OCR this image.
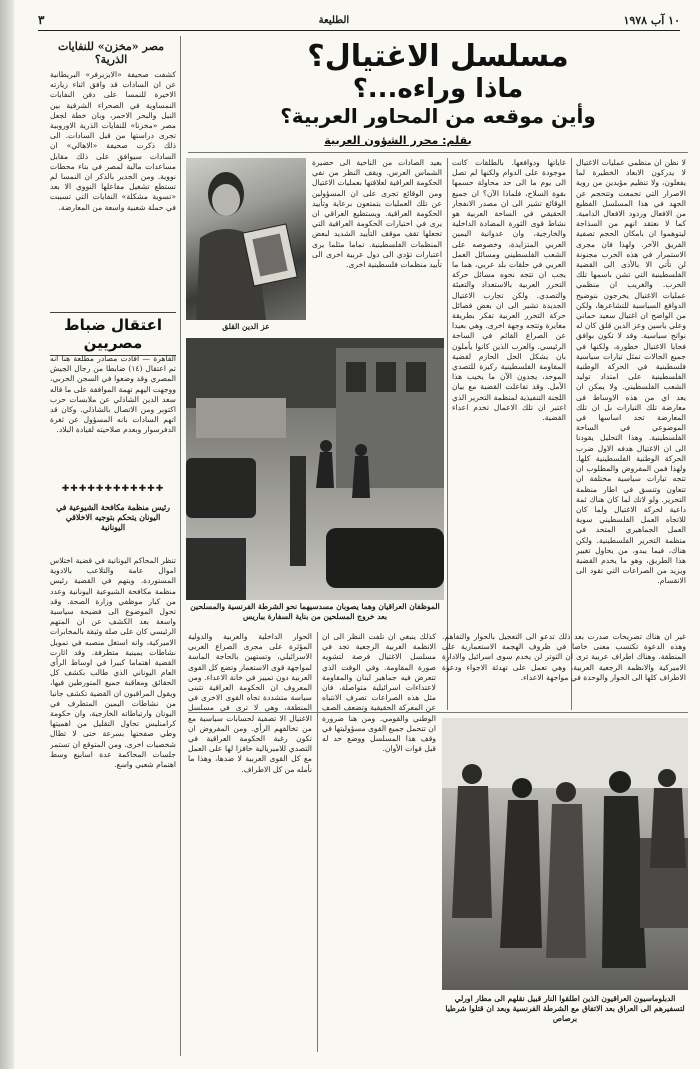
٣	الطليعة	١٠ آب ١٩٧٨
مصر «مخزن» للنفايات الذرية؟
كشفت صحيفة «الابزيرفر» البريطانية عن ان السادات قد وافق اثناء زيارته الاخيرة للنمسا على دفن النفايات النمساوية في الصحراء الشرقية بين النيل والبحر الاحمر، وبان خطة لجعل مصر «مخزنا» للنفايات الذرية الاوروبية تجرى دراستها من قبل السادات. الى ذلك ذكرت صحيفة «الاهالي» ان السادات سيوافق على ذلك مقابل مساعدات مالية لمصر في بناء محطات نووية. ومن الجدير بالذكر ان النمسا لم تستطع تشغيل مفاعلها النووي الا بعد «تسوية مشكلة» النفايات التي تسببت في حملة شعبية واسعة من المعارضة.
اعتقال ضباط مصريين
القاهرة — افادت مصادر مطلعة هنا انه تم اعتقال (١٤) ضابطا من رجال الجيش المصري وقد وضعوا في السجن الحربي، ووجهت اليهم تهمة الموافقة على ما قاله سعد الدين الشاذلي عن ملابسات حرب اكتوبر ومن الاتصال بالشاذلي. وكان قد اتهم السادات بانه المسؤول عن ثغرة الدفرسوار وبعدم صلاحيته لقيادة البلاد.
✚✚✚✚✚✚✚✚✚✚✚✚
رئيس منظمة مكافحة الشيوعية في اليونان يتحكم بتوجيه الاخلاقي اليونانية
تنظر المحاكم اليونانية في قضية اختلاس اموال عامة والتلاعب بالادوية المستوردة. ويتهم في القضية رئيس منظمة مكافحة الشيوعية اليونانية وعدد من كبار موظفي وزارة الصحة. وقد تحول الموضوع الى فضيحة سياسية واسعة بعد الكشف عن ان المتهم الرئيسي كان على صلة وثيقة بالمخابرات الاميركية، وانه استغل منصبه في تمويل نشاطات يمينية متطرفة. وقد اثارت القضية اهتماما كبيرا في اوساط الرأي العام اليوناني الذي طالب بكشف كل الحقائق ومعاقبة جميع المتورطين فيها، ويقول المراقبون ان القضية تكشف جانبا من نشاطات اليمين المتطرف في اليونان وارتباطاته الخارجية، وان حكومة كرامنليس تحاول التقليل من اهميتها وطي صفحتها بسرعة حتى لا تطال شخصيات اخرى. ومن المتوقع ان تستمر جلسات المحاكمة عدة اسابيع وسط اهتمام شعبي واسع.
مسلسل الاغتيال؟
ماذا وراءه...؟
وأين موقعه من المحاور العربية؟
بقلم: محرر الشؤون العربية
لا نظن ان منظمي عمليات الاغتيال لا يدركون الابعاد الخطيرة لما يفعلون، ولا تنظيم مؤيدين من روية الاصرار التي تجمعت وتتحجم عن الجهد في هذا المسلسل الفظيع من الافعال وردود الافعال الدامية. كما لا نعتقد انهم من السذاجة ليتوهموا ان بامكان الحجم تصفية الفريق الآخر. ولهذا فان مجرى الاستمرار في هذه الحرب مجنونة لن تأتي الا بالأذى الى القضية الفلسطينية التي تشن باسمها تلك الحرب. والغريب ان منظمي عمليات الاغتيال يخرجون بتوضيح الدوافع السياسية للتشاعرها، ولكن من الواضح ان اغتيال سعيد حماني وعلي ياسين وعز الدين قلق كان له نواتج سياسية. وقد لا تكون بوافق فحايا الاغتيال خطورة، ولكنها في جميع الحالات تمثل تيارات سياسية فلسطينية في الحركة الوطنية الفلسطينية على امتداد توليد الشعب الفلسطيني. ولا يمكن ان يعد اي من هذه الاوساط فى معارضة تلك التيارات بل ان تلك المعارضة تجد اساسها في الموضوعي في الساحة الفلسطينية. وهذا التحليل يقودنا الى ان الاغتيال هدفه الاول ضرب الحركة الوطنية الفلسطينية كلها. ولهذا فمن المفروض والمطلوب ان تتجه تيارات سياسية مختلفة ان تتعاون وتنسق في اطار منظمة التحرير. ولو لاتك لما كان هناك ثمة داعية لحركة الاغتيال ولما كان للاتجاه العمل الفلسطيني سوية العمل الجماهيري المتحد في منظمة التحرير الفلسطينية. ولكن هناك، فيما يبدو، من يحاول تغيير هذا الطريق، وهو ما يخدم القضية ويزيد من الصراعات التي تقود الى الانقسام.
غاياتها ودوافعها. بالطلقات كانت موجودة على الدوام ولكنها لم تصل الى يوم ما الى حد محاولة حسمها بقوة السلاح، فلماذا الآن؟ ان جميع الوقائع تشير الى ان مصدر الانفجار الحقيقي في الساحة العربية هو نشاط قوى الثورة المضادة الداخلية والخارجية، وان عدوانية اليمين العربي المتزايدة، وخصوصه على الشعب الفلسطيني ومسائل العمل العربي في حلقات بلد عربي، هما ما يجب ان تتجه نحوه مسائل حركة التحرر العربية بالاستعداد والتعبئة والتصدي. ولكن تجارب الاغتيال الجديدة تشير الى ان بعض فصائل حركة التحرر العربية تفكر بطريقة مغايرة وتتجه وجهة اخرى. وهي بعيدا عن الصراع القائم في الساحة الرئيسي. والعرب الذين كانوا يأملون بان يشكل الحل الحازم لقضية المقاومة الفلسطينية ركيزة للتصدي الموحد، يجدون الآن ما يخيب هذا الأمل. وقد تفاعلت القضية مع بيان اللجنة التنفيذية لمنظمة التحرير الذي اعتبر ان تلك الاعمال تخدم اعداء القضية.
بعيد الصادات من الناحية الى حضيرة الشماس العرس. ويقف النظر من نفي الحكومة العراقية لعلاقتها بعمليات الاغتيال ومن الوقائع تجرى على ان المسؤولين عن تلك العمليات يتمتعون برعاية وتأييد الحكومة العراقية. ويستطيع العراقي ان يرى في اختيارات الحكومة العراقية التي تجعلها تقف موقف التأييد الشديد لبعض المنظمات الفلسطينية. تماما مثلما يرى اعتبارات تؤدي الى دول عربية اخرى الى تأييد منظمات فلسطينية اخرى.
عز الدين القلق
الموظفان العراقيان وهما يصوبان مسدسيهما نحو الشرطة الفرنسية والمسلحين بعد خروج المسلحين من بناية السفارة بباريس
غير ان هناك تصريحات صدرت بعد ذلك تدعو الى التعجيل بالحوار والتفاهم. وهذه الدعوة تكتسب معنى خاصا في ظروف الهجمة الاستعمارية على المنطقة. وهناك اطراف عربية ترى ان التوتر لن يخدم سوى اسرائيل والادارة الاميركية والانظمة الرجعية العربية، وهي تعمل على تهدئة الاجواء ودعوة الاطراف كلها الى الحوار والوحدة في مواجهة الاعداء.
كذلك ينبغي ان نلفت النظر الى ان الانظمة العربية الرجعية تجد في مسلسل الاغتيال فرصة لتشويه صورة المقاومة. وفي الوقت الذي تتعرض فيه جماهير لبنان والمقاومة لاعتداءات اسرائيلية متواصلة، فان مثل هذه الصراعات تصرف الانتباه عن المعركة الحقيقية وتضعف الصف الوطني والقومي. ومن هنا ضرورة ان تتحمل جميع القوى مسؤوليتها في وقف هذا المسلسل ووضع حد له قبل فوات الأوان.
الحوار الداخلية والعربية والدولية المؤثرة على مجرى الصراع العربي الاسرائيلي، وتستهين بالحاجة الماسة لمواجهة قوى الاستعمار وتضع كل القوى العربية دون تمييز في خانة الاعداء. ومن المعروف ان الحكومة العراقية تتبنى سياسة متشددة تجاه القوى الاخرى في المنطقة، وهي لا ترى في مسلسل الاغتيال الا تصفية لحسابات سياسية مع من تخالفهم الرأي. ومن المفروض ان تكون رغبة الحكومة العراقية في التصدي للامبريالية حافزا لها على العمل مع كل القوى العربية لا ضدها، وهذا ما نأمله من كل الاطراف.
الدبلوماسيون العراقيون الذين اطلقوا النار قبيل نقلهم الى مطار اورلي لتسفيرهم الى العراق بعد الاتفاق مع الشرطة الفرنسية وبعد ان قتلوا شرطيا برصاص
